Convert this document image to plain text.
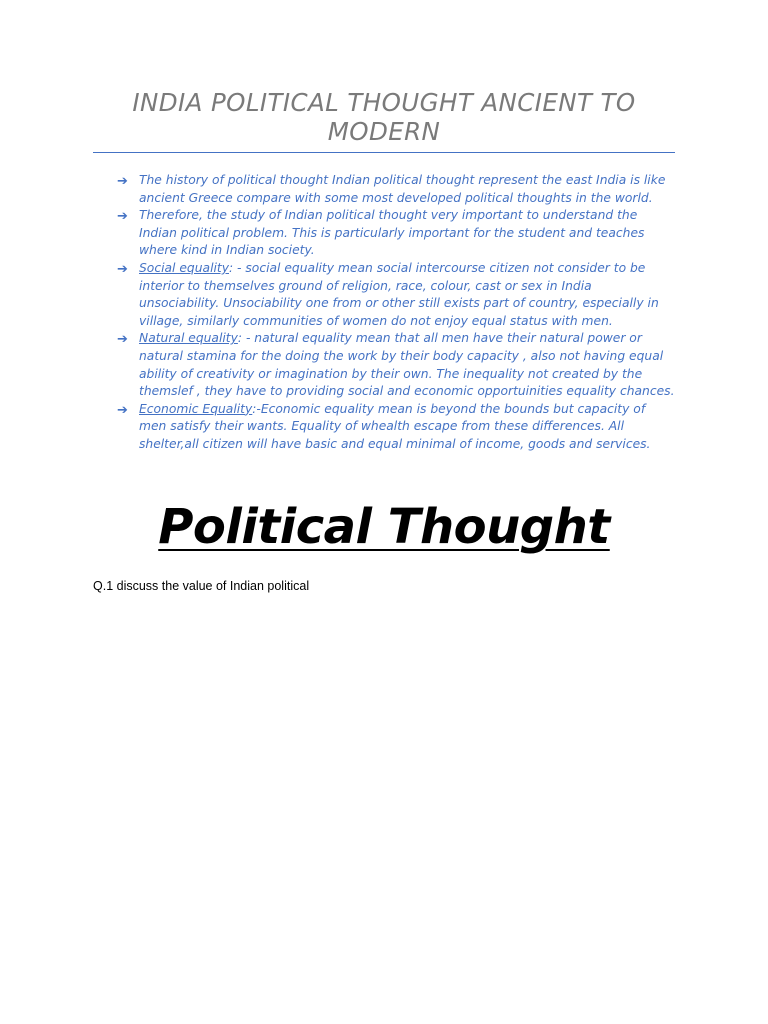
INDIA POLITICAL THOUGHT ANCIENT TO MODERN
➔ The history of political thought Indian political thought represent the east India is like ancient Greece compare with some most developed political thoughts in the world.
➔ Therefore, the study of Indian political thought very important to understand the Indian political problem. This is particularly important for the student and teaches where kind in Indian society.
➔ Social equality: - social equality mean social intercourse citizen not consider to be interior to themselves ground of religion, race, colour, cast or sex in India unsociability. Unsociability one from or other still exists part of country, especially in village, similarly communities of women do not enjoy equal status with men.
➔ Natural equality: - natural equality mean that all men have their natural power or natural stamina for the doing the work by their body capacity , also not having equal ability of creativity or imagination by their own. The inequality not created by the themslef , they have to providing social and economic opportuinities equality chances.
➔ Economic Equality:-Economic equality mean is beyond the bounds but capacity of men satisfy their wants. Equality of whealth escape from these differences. All shelter,all citizen will have basic and equal minimal of income, goods and services.
Political Thought

Q.1 discuss the value of Indian political
